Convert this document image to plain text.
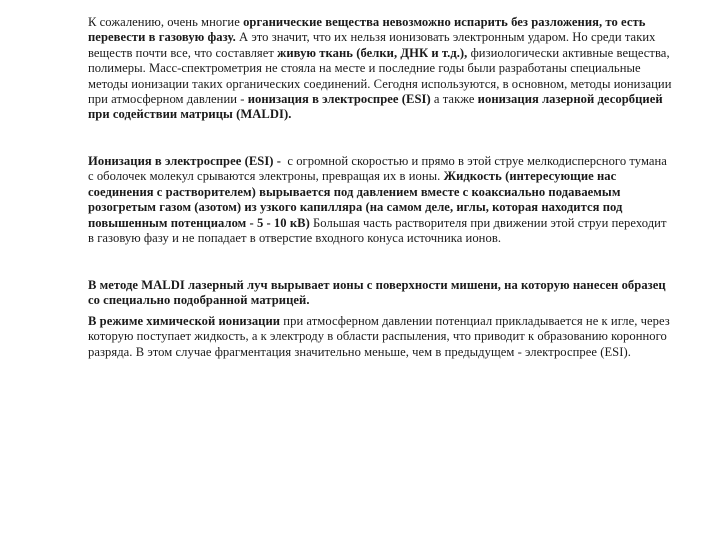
К сожалению, очень многие органические вещества невозможно испарить без разложения, то есть перевести в газовую фазу. А это значит, что их нельзя ионизовать электронным ударом. Но среди таких веществ почти все, что составляет живую ткань (белки, ДНК и т.д.), физиологически активные вещества, полимеры. Масс-спектрометрия не стояла на месте и последние годы были разработаны специальные методы ионизации таких органических соединений. Сегодня используются, в основном, методы ионизации при атмосферном давлении - ионизация в электроспрее (ESI) а также ионизация лазерной десорбцией при содействии матрицы (MALDI).
Ионизация в электроспрее (ESI) -  с огромной скоростью и прямо в этой струе мелкодисперсного тумана с оболочек молекул срываются электроны, превращая их в ионы. Жидкость (интересующие нас соединения с растворителем) вырывается под давлением вместе с коаксиально подаваемым розогретым газом (азотом) из узкого капилляра (на самом деле, иглы, которая находится под повышенным потенциалом - 5 - 10 кВ) Большая часть растворителя при движении этой струи переходит в газовую фазу и не попадает в отверстие входного конуса источника ионов.
В методе MALDI лазерный луч вырывает ионы с поверхности мишени, на которую нанесен образец со специально подобранной матрицей.
В режиме химической ионизации при атмосферном давлении потенциал прикладывается не к игле, через которую поступает жидкость, а к электроду в области распыления, что приводит к образованию коронного разряда. В этом случае фрагментация значительно меньше, чем в предыдущем - электроспрее (ESI).
